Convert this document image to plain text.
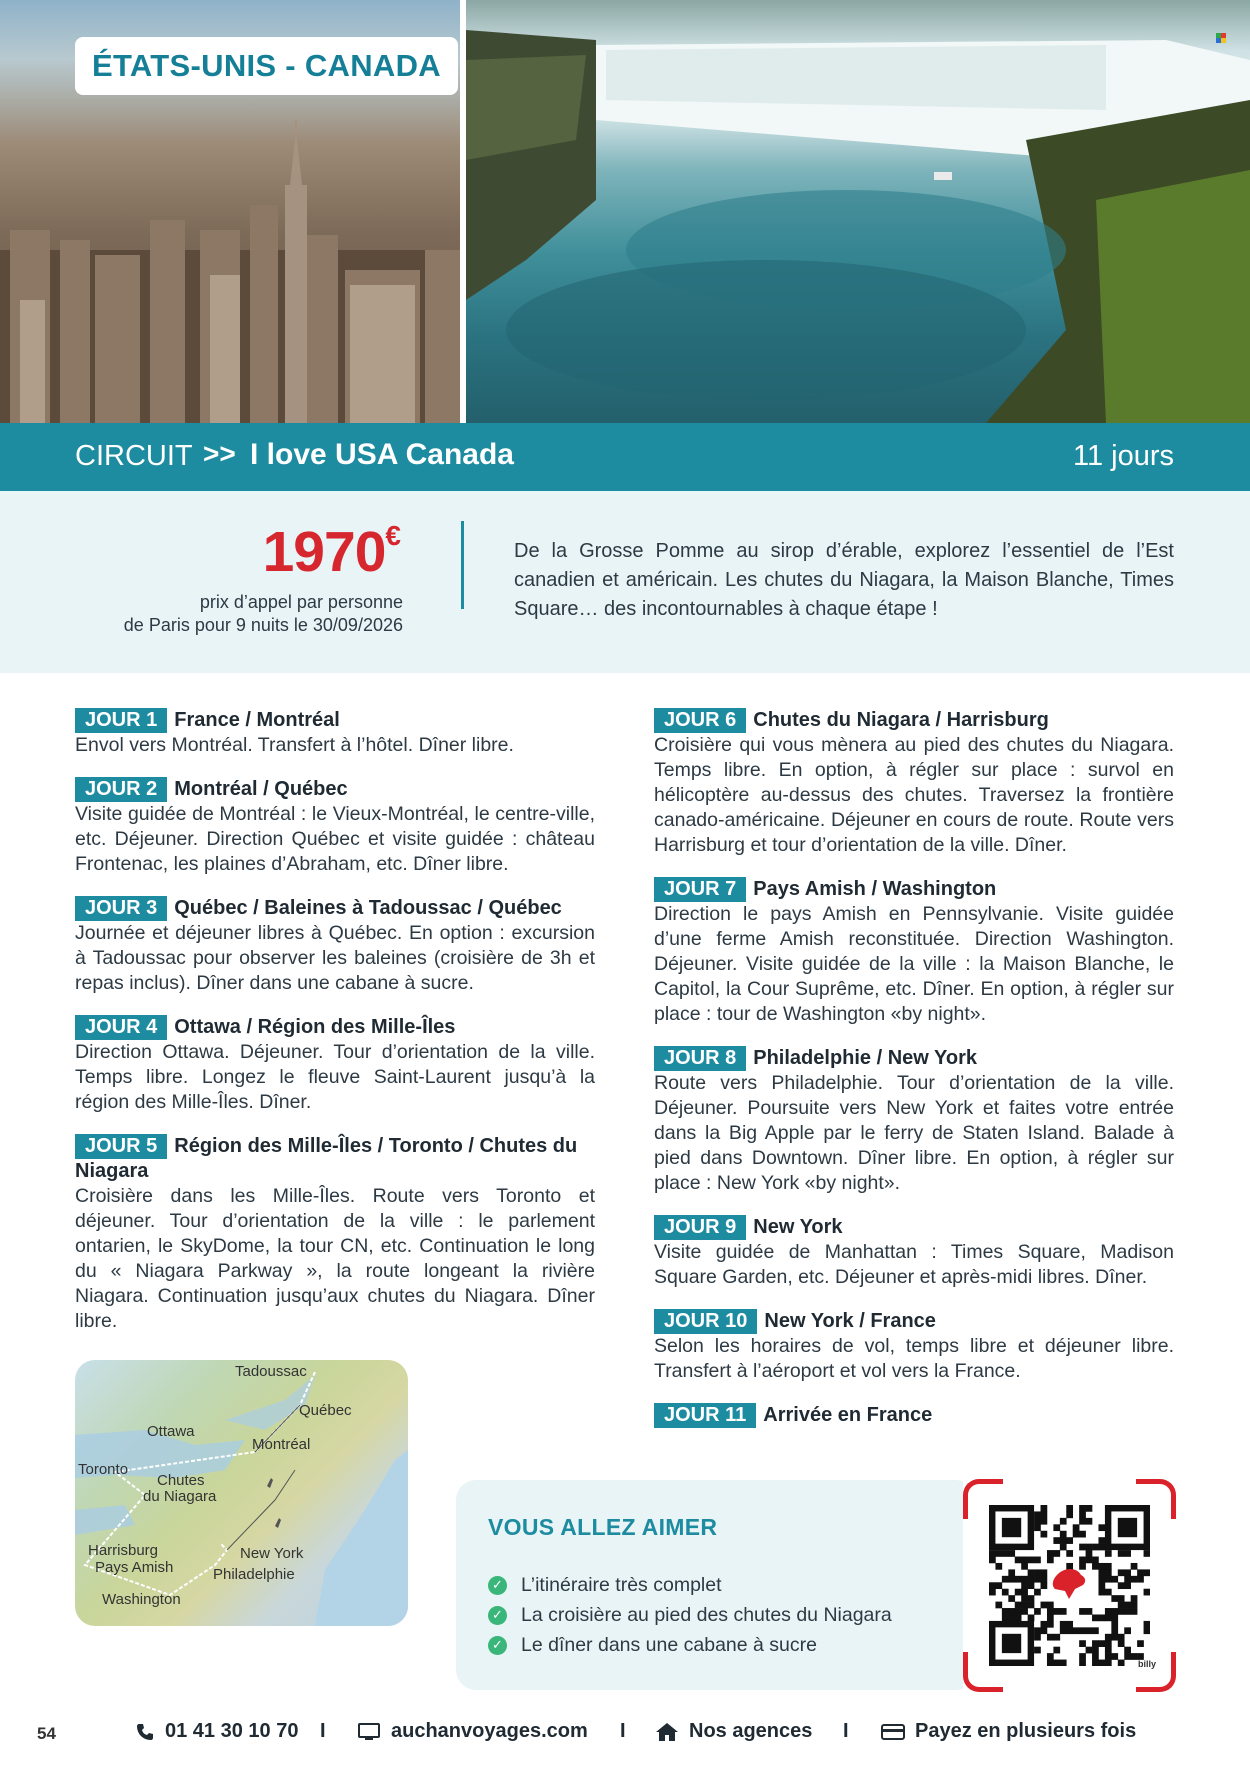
ÉTATS-UNIS - CANADA
CIRCUIT >> I love USA Canada	11 jours
1970€
prix d’appel par personne
de Paris pour 9 nuits le 30/09/2026

De la Grosse Pomme au sirop d’érable, explorez l’essentiel de l’Est canadien et américain. Les chutes du Niagara, la Maison Blanche, Times Square… des incontournables à chaque étape !

JOUR 1 France / Montréal
Envol vers Montréal. Transfert à l’hôtel. Dîner libre.
JOUR 2 Montréal / Québec
Visite guidée de Montréal : le Vieux-Montréal, le centre-ville, etc. Déjeuner. Direction Québec et visite guidée : château Frontenac, les plaines d’Abraham, etc. Dîner libre.
JOUR 3 Québec / Baleines à Tadoussac / Québec
Journée et déjeuner libres à Québec. En option : excursion à Tadoussac pour observer les baleines (croisière de 3h et repas inclus). Dîner dans une cabane à sucre.
JOUR 4 Ottawa / Région des Mille-Îles
Direction Ottawa. Déjeuner. Tour d’orientation de la ville. Temps libre. Longez le fleuve Saint-Laurent jusqu’à la région des Mille-Îles. Dîner.
JOUR 5 Région des Mille-Îles / Toronto / Chutes du Niagara
Croisière dans les Mille-Îles. Route vers Toronto et déjeuner. Tour d’orientation de la ville : le parlement ontarien, le SkyDome, la tour CN, etc. Continuation le long du « Niagara Parkway », la route longeant la rivière Niagara. Continuation jusqu’aux chutes du Niagara. Dîner libre.
JOUR 6 Chutes du Niagara / Harrisburg
Croisière qui vous mènera au pied des chutes du Niagara. Temps libre. En option, à régler sur place : survol en hélicoptère au-dessus des chutes. Traversez la frontière canado-américaine. Déjeuner en cours de route. Route vers Harrisburg et tour d’orientation de la ville. Dîner.
JOUR 7 Pays Amish / Washington
Direction le pays Amish en Pennsylvanie. Visite guidée d’une ferme Amish reconstituée. Direction Washington. Déjeuner. Visite guidée de la ville : la Maison Blanche, le Capitol, la Cour Suprême, etc. Dîner. En option, à régler sur place : tour de Washington «by night».
JOUR 8 Philadelphie / New York
Route vers Philadelphie. Tour d’orientation de la ville. Déjeuner. Poursuite vers New York et faites votre entrée dans la Big Apple par le ferry de Staten Island. Balade à pied dans Downtown. Dîner libre. En option, à régler sur place : New York «by night».
JOUR 9 New York
Visite guidée de Manhattan : Times Square, Madison Square Garden, etc. Déjeuner et après-midi libres. Dîner.
JOUR 10 New York / France
Selon les horaires de vol, temps libre et déjeuner libre. Transfert à l’aéroport et vol vers la France.
JOUR 11 Arrivée en France
Tadoussac
Québec
Ottawa
Montréal
Toronto
Chutes
du Niagara
Harrisburg
Pays Amish
New York
Philadelphie
Washington
VOUS ALLEZ AIMER
✓ L’itinéraire très complet
✓ La croisière au pied des chutes du Niagara
✓ Le dîner dans une cabane à sucre
billy
54	01 41 30 10 70 I	auchanvoyages.com I	Nos agences I	Payez en plusieurs fois
